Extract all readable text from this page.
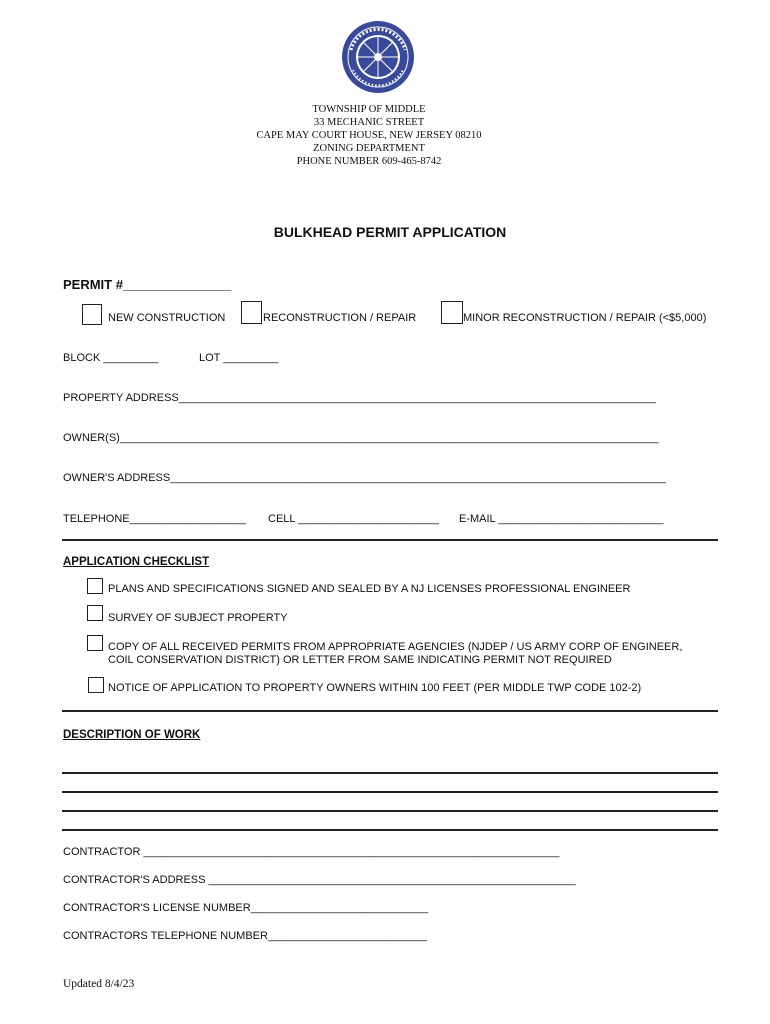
TOWNSHIP OF MIDDLE
33 MECHANIC STREET
CAPE MAY COURT HOUSE, NEW JERSEY 08210
ZONING DEPARTMENT
PHONE NUMBER 609-465-8742
BULKHEAD PERMIT APPLICATION
PERMIT #_______________
NEW CONSTRUCTION	RECONSTRUCTION / REPAIR	MINOR RECONSTRUCTION / REPAIR (<$5,000)
BLOCK _________	LOT _________
PROPERTY ADDRESS______________________________________________________________________________
OWNER(S)________________________________________________________________________________________
OWNER'S ADDRESS_________________________________________________________________________________
TELEPHONE___________________ CELL _______________________ E-MAIL ___________________________
APPLICATION CHECKLIST
PLANS AND SPECIFICATIONS SIGNED AND SEALED BY A NJ LICENSES PROFESSIONAL ENGINEER
SURVEY OF SUBJECT PROPERTY
COPY OF ALL RECEIVED PERMITS FROM APPROPRIATE AGENCIES (NJDEP / US ARMY CORP OF ENGINEER,
COIL CONSERVATION DISTRICT) OR LETTER FROM SAME INDICATING PERMIT NOT REQUIRED
NOTICE OF APPLICATION TO PROPERTY OWNERS WITHIN 100 FEET (PER MIDDLE TWP CODE 102-2)
DESCRIPTION OF WORK
CONTRACTOR ____________________________________________________________________
CONTRACTOR'S ADDRESS ____________________________________________________________
CONTRACTOR'S LICENSE NUMBER_____________________________
CONTRACTORS TELEPHONE NUMBER__________________________
Updated 8/4/23
